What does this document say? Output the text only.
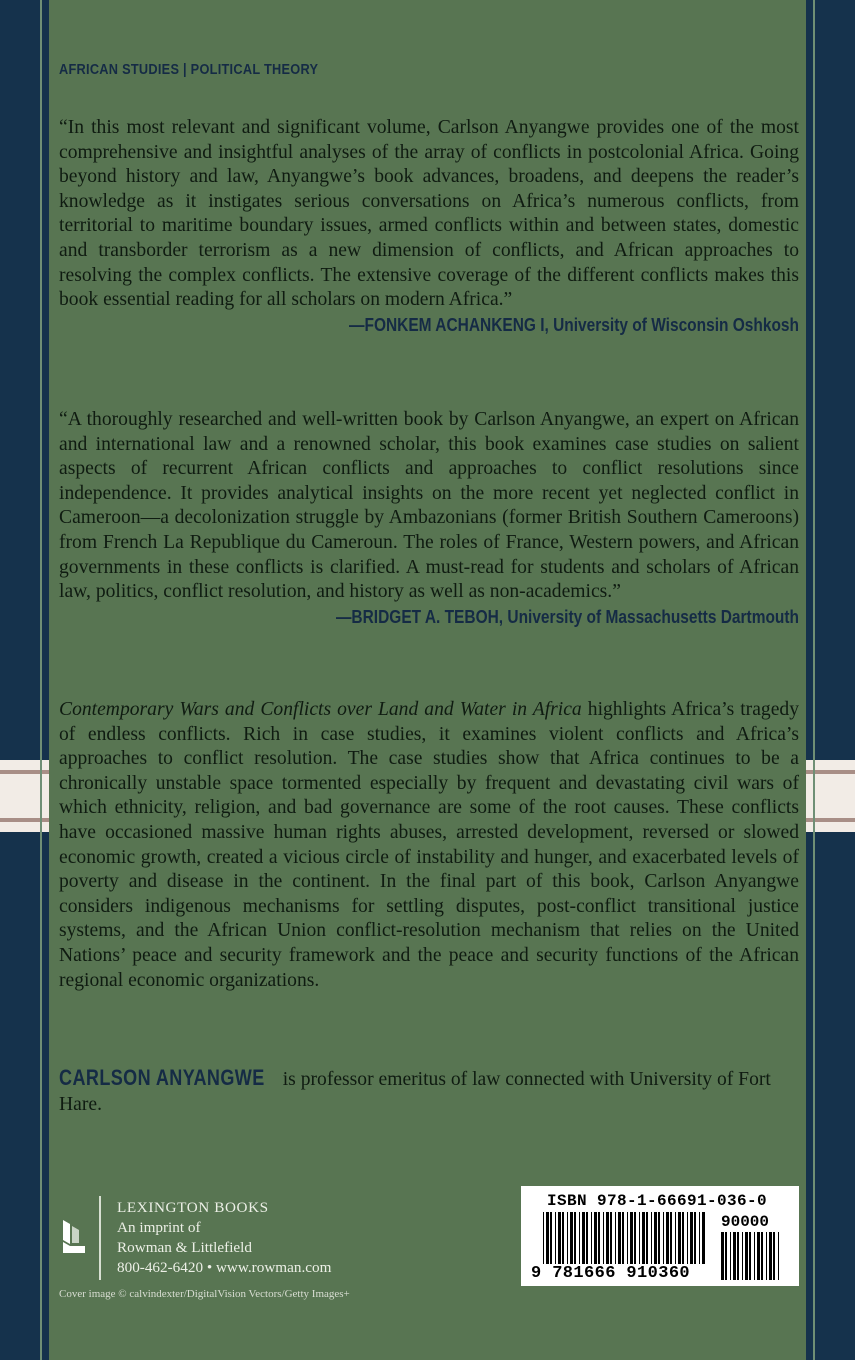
AFRICAN STUDIES | POLITICAL THEORY

“In this most relevant and significant volume, Carlson Anyangwe provides one of the most comprehensive and insightful analyses of the array of conflicts in postcolonial Africa. Going beyond history and law, Anyangwe’s book advances, broadens, and deepens the reader’s knowledge as it instigates serious conversations on Africa’s numerous conflicts, from territorial to maritime boundary issues, armed conflicts within and between states, domestic and transborder terrorism as a new dimension of conflicts, and African approaches to resolving the complex conflicts. The extensive coverage of the different conflicts makes this book essential reading for all scholars on modern Africa.”

—FONKEM ACHANKENG I, University of Wisconsin Oshkosh

“A thoroughly researched and well-written book by Carlson Anyangwe, an expert on African and international law and a renowned scholar, this book examines case studies on salient aspects of recurrent African conflicts and approaches to conflict resolutions since independence. It provides analytical insights on the more recent yet neglected conflict in Cameroon—a decolonization struggle by Ambazonians (former British Southern Cameroons) from French La Republique du Cameroun. The roles of France, Western powers, and African governments in these conflicts is clarified. A must-read for students and scholars of African law, politics, conflict resolution, and history as well as non-academics.”

—BRIDGET A. TEBOH, University of Massachusetts Dartmouth

Contemporary Wars and Conflicts over Land and Water in Africa highlights Africa’s tragedy of endless conflicts. Rich in case studies, it examines violent conflicts and Africa’s approaches to conflict resolution. The case studies show that Africa continues to be a chronically unstable space tormented especially by frequent and devastating civil wars of which ethnicity, religion, and bad governance are some of the root causes. These conflicts have occasioned massive human rights abuses, arrested development, reversed or slowed economic growth, created a vicious circle of instability and hunger, and exacerbated levels of poverty and disease in the continent. In the final part of this book, Carlson Anyangwe considers indigenous mechanisms for settling disputes, post-conflict transitional justice systems, and the African Union conflict-resolution mechanism that relies on the United Nations’ peace and security framework and the peace and security functions of the African regional economic organizations.

CARLSON ANYANGWE is professor emeritus of law connected with University of Fort Hare.

LEXINGTON BOOKS
An imprint of
Rowman & Littlefield
800-462-6420 • www.rowman.com
Cover image © calvindexter/DigitalVision Vectors/Getty Images+
ISBN 978-1-66691-036-0
90000
9 781666 910360
